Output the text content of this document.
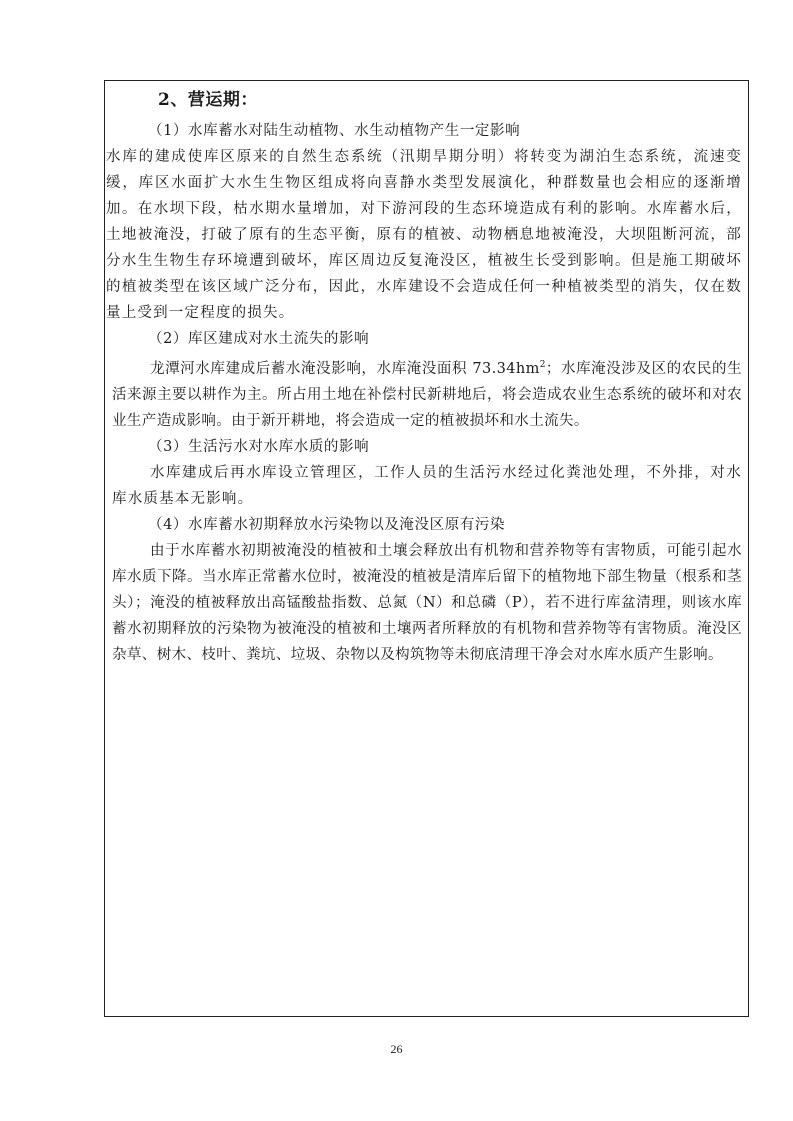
2、营运期：

（1）水库蓄水对陆生动植物、水生动植物产生一定影响

水库的建成使库区原来的自然生态系统（汛期旱期分明）将转变为湖泊生态系统，流速变缓，库区水面扩大水生生物区组成将向喜静水类型发展演化，种群数量也会相应的逐渐增加。在水坝下段，枯水期水量增加，对下游河段的生态环境造成有利的影响。水库蓄水后，土地被淹没，打破了原有的生态平衡，原有的植被、动物栖息地被淹没，大坝阻断河流，部分水生生物生存环境遭到破坏，库区周边反复淹没区，植被生长受到影响。但是施工期破坏的植被类型在该区域广泛分布，因此，水库建设不会造成任何一种植被类型的消失，仅在数量上受到一定程度的损失。

（2）库区建成对水土流失的影响

龙潭河水库建成后蓄水淹没影响，水库淹没面积 $73.34hm^2$；水库淹没涉及区的农民的生活来源主要以耕作为主。所占用土地在补偿村民新耕地后，将会造成农业生态系统的破坏和对农业生产造成影响。由于新开耕地，将会造成一定的植被损坏和水土流失。

（3）生活污水对水库水质的影响

水库建成后再水库设立管理区，工作人员的生活污水经过化粪池处理，不外排，对水库水质基本无影响。

（4）水库蓄水初期释放水污染物以及淹没区原有污染

由于水库蓄水初期被淹没的植被和土壤会释放出有机物和营养物等有害物质，可能引起水库水质下降。当水库正常蓄水位时，被淹没的植被是清库后留下的植物地下部生物量（根系和茎头）；淹没的植被释放出高锰酸盐指数、总氮（N）和总磷（P），若不进行库盆清理，则该水库蓄水初期释放的污染物为被淹没的植被和土壤两者所释放的有机物和营养物等有害物质。淹没区杂草、树木、枝叶、粪坑、垃圾、杂物以及构筑物等未彻底清理干净会对水库水质产生影响。

26
